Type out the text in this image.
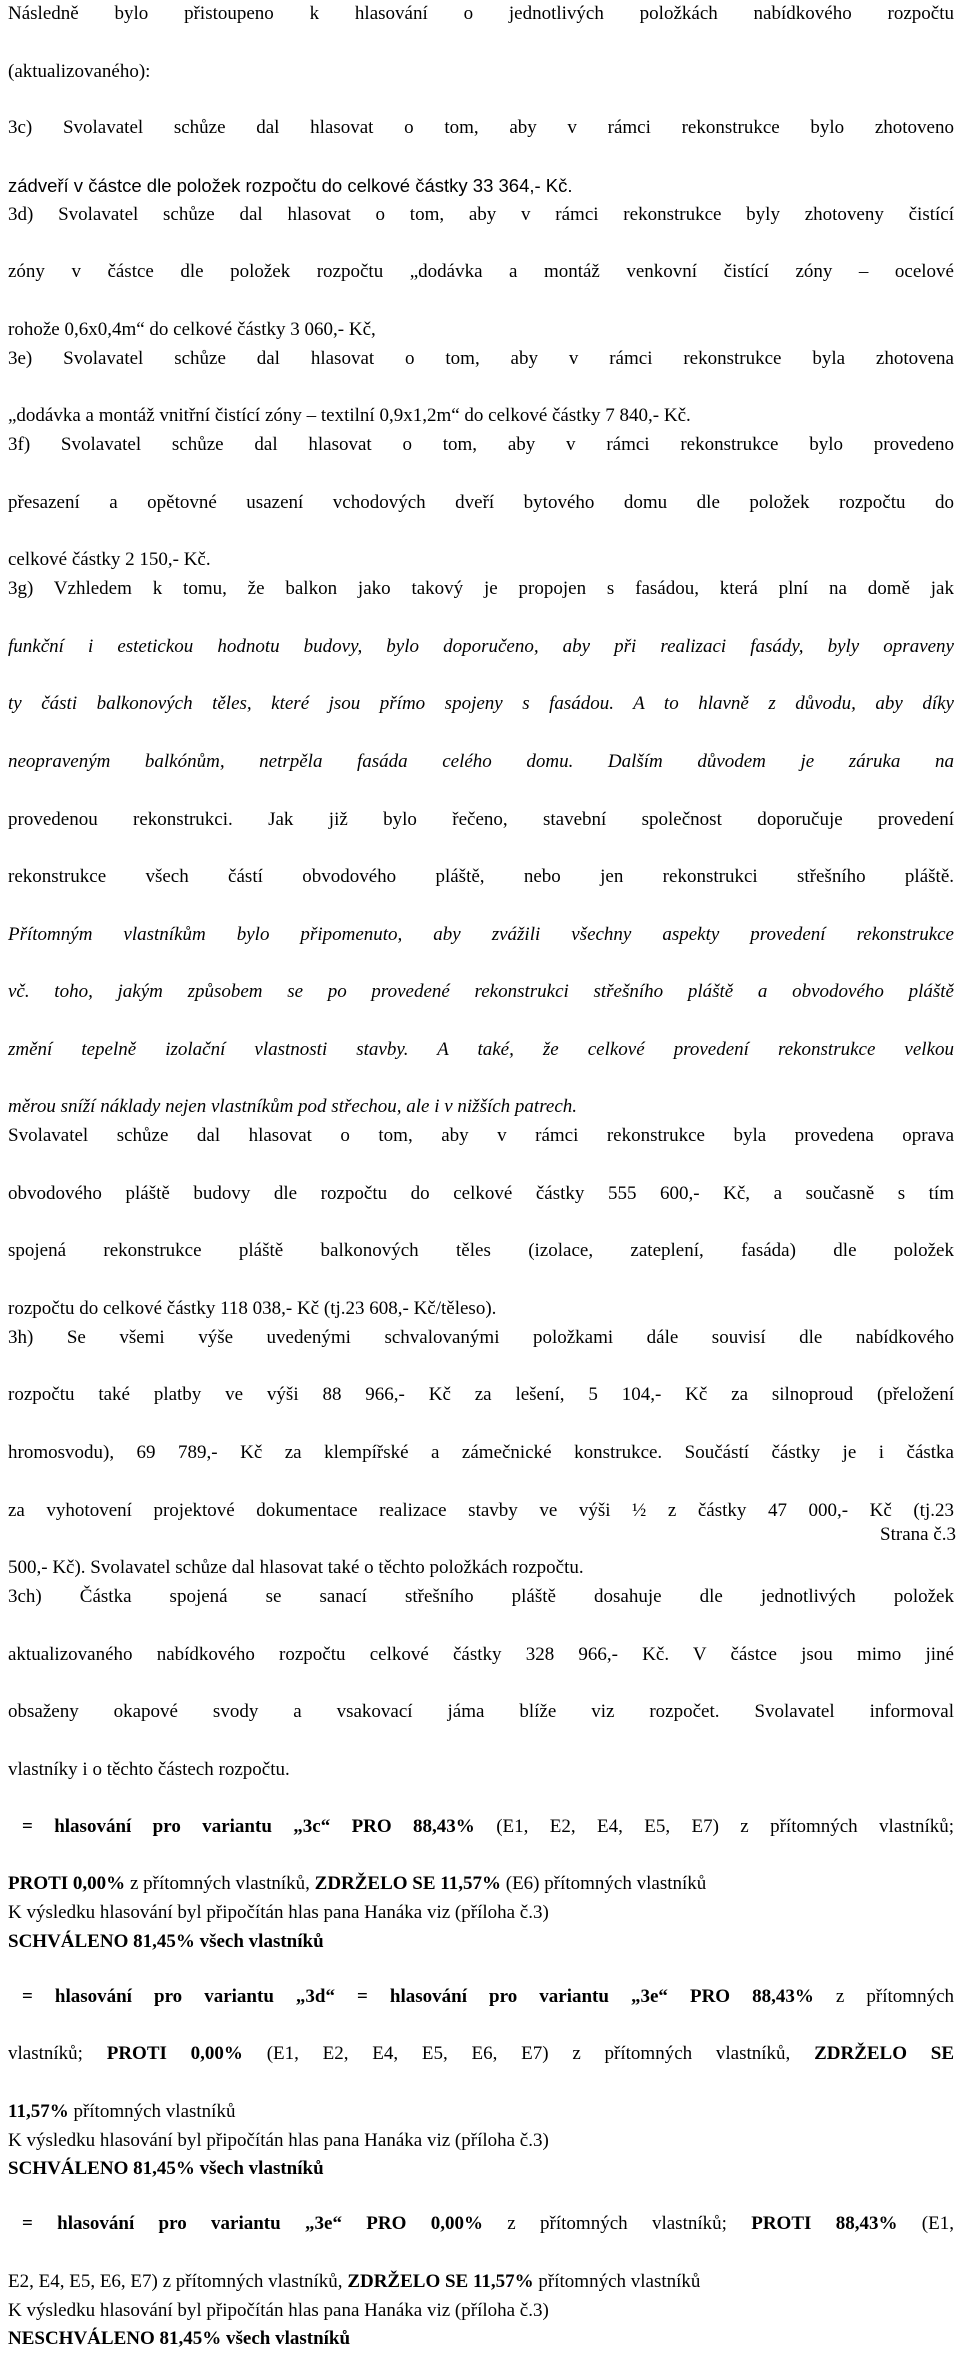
Následně bylo přistoupeno k hlasování o jednotlivých položkách nabídkového rozpočtu

(aktualizovaného):

3c) Svolavatel schůze dal hlasovat o tom, aby v rámci rekonstrukce bylo zhotoveno

zádveří v částce dle položek rozpočtu do celkové částky 33 364,- Kč.

3d) Svolavatel schůze dal hlasovat o tom, aby v rámci rekonstrukce byly zhotoveny čistící

zóny v částce dle položek rozpočtu „dodávka a montáž venkovní čistící zóny – ocelové

rohože 0,6x0,4m“ do celkové částky 3 060,- Kč,

3e) Svolavatel schůze dal hlasovat o tom, aby v rámci rekonstrukce byla zhotovena

„dodávka a montáž vnitřní čistící zóny – textilní 0,9x1,2m“ do celkové částky 7 840,- Kč.

3f) Svolavatel schůze dal hlasovat o tom, aby v rámci rekonstrukce bylo provedeno

přesazení a opětovné usazení vchodových dveří bytového domu dle položek rozpočtu do

celkové částky 2 150,- Kč.

3g) Vzhledem k tomu, že balkon jako takový je propojen s fasádou, která plní na domě jak

funkční i estetickou hodnotu budovy, bylo doporučeno, aby při realizaci fasády, byly opraveny

ty části balkonových těles, které jsou přímo spojeny s fasádou. A to hlavně z důvodu, aby díky

neopraveným balkónům, netrpěla fasáda celého domu. Dalším důvodem je záruka na

provedenou rekonstrukci. Jak již bylo řečeno, stavební společnost doporučuje provedení

rekonstrukce všech částí obvodového pláště, nebo jen rekonstrukci střešního pláště.

Přítomným vlastníkům bylo připomenuto, aby zvážili všechny aspekty provedení rekonstrukce

vč. toho, jakým způsobem se po provedené rekonstrukci střešního pláště a obvodového pláště

změní tepelně izolační vlastnosti stavby. A také, že celkové provedení rekonstrukce velkou

měrou sníží náklady nejen vlastníkům pod střechou, ale i v nižších patrech.

Svolavatel schůze dal hlasovat o tom, aby v rámci rekonstrukce byla provedena oprava

obvodového pláště budovy dle rozpočtu do celkové částky 555 600,- Kč, a současně s tím

spojená rekonstrukce pláště balkonových těles (izolace, zateplení, fasáda) dle položek

rozpočtu do celkové částky 118 038,- Kč (tj.23 608,- Kč/těleso).

3h) Se všemi výše uvedenými schvalovanými položkami dále souvisí dle nabídkového

rozpočtu také platby ve výši 88 966,- Kč za lešení, 5 104,- Kč za silnoproud (přeložení

hromosvodu), 69 789,- Kč za klempířské a zámečnické konstrukce. Součástí částky je i částka

za vyhotovení projektové dokumentace realizace stavby ve výši ½ z částky 47 000,- Kč (tj.23

500,- Kč). Svolavatel schůze dal hlasovat také o těchto položkách rozpočtu.

3ch) Částka spojená se sanací střešního pláště dosahuje dle jednotlivých položek

aktualizovaného nabídkového rozpočtu celkové částky 328 966,- Kč. V částce jsou mimo jiné

obsaženy okapové svody a vsakovací jáma blíže viz rozpočet. Svolavatel informoval

vlastníky i o těchto částech rozpočtu.

= hlasování pro variantu „3c“ PRO 88,43% (E1, E2, E4, E5, E7) z přítomných vlastníků;

PROTI 0,00% z přítomných vlastníků, ZDRŽELO SE 11,57% (E6) přítomných vlastníků

K výsledku hlasování byl připočítán hlas pana Hanáka viz (příloha č.3)

SCHVÁLENO 81,45% všech vlastníků

= hlasování pro variantu „3d“ = hlasování pro variantu „3e“ PRO 88,43% z přítomných

vlastníků; PROTI 0,00% (E1, E2, E4, E5, E6, E7) z přítomných vlastníků, ZDRŽELO SE

11,57% přítomných vlastníků

K výsledku hlasování byl připočítán hlas pana Hanáka viz (příloha č.3)

SCHVÁLENO 81,45% všech vlastníků

= hlasování pro variantu „3e“ PRO 0,00% z přítomných vlastníků; PROTI 88,43% (E1,

E2, E4, E5, E6, E7) z přítomných vlastníků, ZDRŽELO SE 11,57% přítomných vlastníků

K výsledku hlasování byl připočítán hlas pana Hanáka viz (příloha č.3)

NESCHVÁLENO 81,45% všech vlastníků

Strana č.3
